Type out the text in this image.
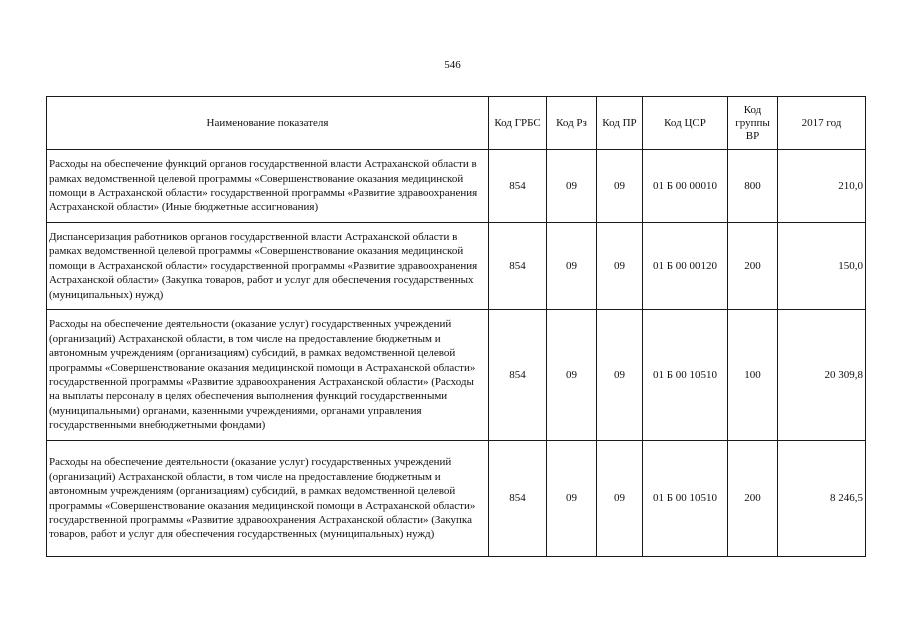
546
Наименование показателя	Код ГРБС	Код Рз	Код ПР	Код ЦСР	Код группы ВР	2017 год
Расходы на обеспечение функций органов государственной власти Астраханской области в рамках ведомственной целевой программы «Совершенствование оказания медицинской помощи в Астраханской области» государственной программы «Развитие здравоохранения Астраханской области» (Иные бюджетные ассигнования)	854	09	09	01 Б 00 00010	800	210,0
Диспансеризация работников органов государственной власти Астраханской области в рамках ведомственной целевой программы «Совершенствование оказания медицинской помощи в Астраханской области» государственной программы «Развитие здравоохранения Астраханской области» (Закупка товаров, работ и услуг для обеспечения государственных (муниципальных) нужд)	854	09	09	01 Б 00 00120	200	150,0
Расходы на обеспечение деятельности (оказание услуг) государственных учреждений (организаций) Астраханской области, в том числе на предоставление бюджетным и автономным учреждениям (организациям) субсидий, в рамках ведомственной целевой программы «Совершенствование оказания медицинской помощи в Астраханской области» государственной программы «Развитие здравоохранения Астраханской области» (Расходы на выплаты персоналу в целях обеспечения выполнения функций государственными (муниципальными) органами, казенными учреждениями, органами управления государственными внебюджетными фондами)	854	09	09	01 Б 00 10510	100	20 309,8
Расходы на обеспечение деятельности (оказание услуг) государственных учреждений (организаций) Астраханской области, в том числе на предоставление бюджетным и автономным учреждениям (организациям) субсидий, в рамках ведомственной целевой программы «Совершенствование оказания медицинской помощи в Астраханской области» государственной программы «Развитие здравоохранения Астраханской области» (Закупка товаров, работ и услуг для обеспечения государственных (муниципальных) нужд)	854	09	09	01 Б 00 10510	200	8 246,5
